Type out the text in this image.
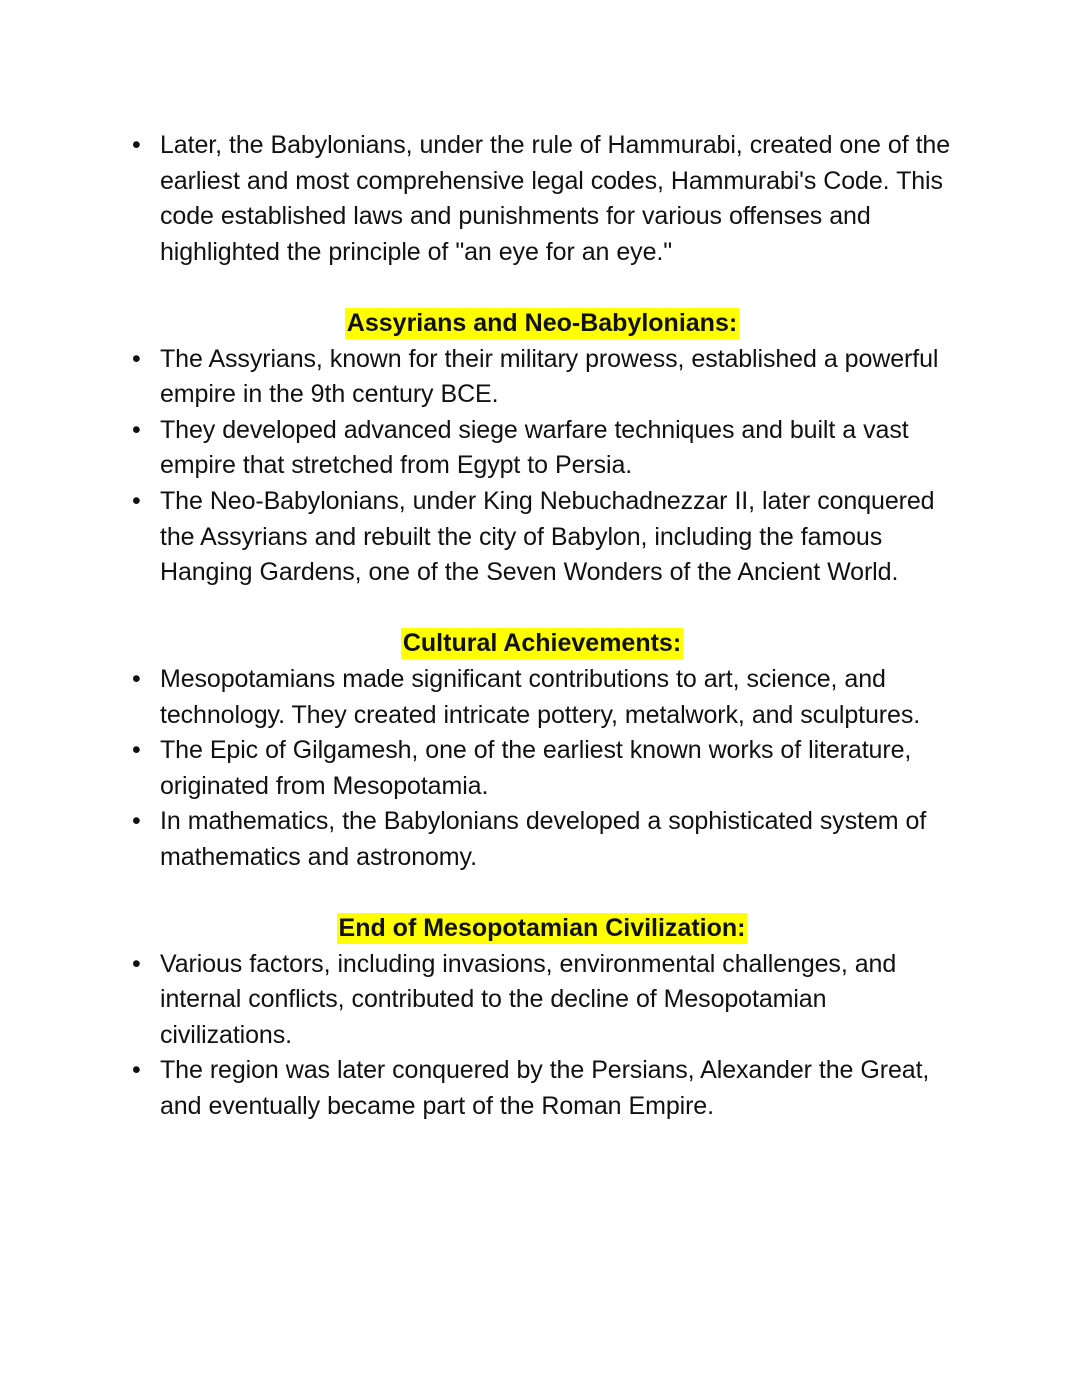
• Later, the Babylonians, under the rule of Hammurabi, created one of the earliest and most comprehensive legal codes, Hammurabi's Code. This code established laws and punishments for various offenses and highlighted the principle of "an eye for an eye."
Assyrians and Neo-Babylonians:
• The Assyrians, known for their military prowess, established a powerful empire in the 9th century BCE.
• They developed advanced siege warfare techniques and built a vast empire that stretched from Egypt to Persia.
• The Neo-Babylonians, under King Nebuchadnezzar II, later conquered the Assyrians and rebuilt the city of Babylon, including the famous Hanging Gardens, one of the Seven Wonders of the Ancient World.
Cultural Achievements:
• Mesopotamians made significant contributions to art, science, and technology. They created intricate pottery, metalwork, and sculptures.
• The Epic of Gilgamesh, one of the earliest known works of literature, originated from Mesopotamia.
• In mathematics, the Babylonians developed a sophisticated system of mathematics and astronomy.
End of Mesopotamian Civilization:
• Various factors, including invasions, environmental challenges, and internal conflicts, contributed to the decline of Mesopotamian civilizations.
• The region was later conquered by the Persians, Alexander the Great, and eventually became part of the Roman Empire.
